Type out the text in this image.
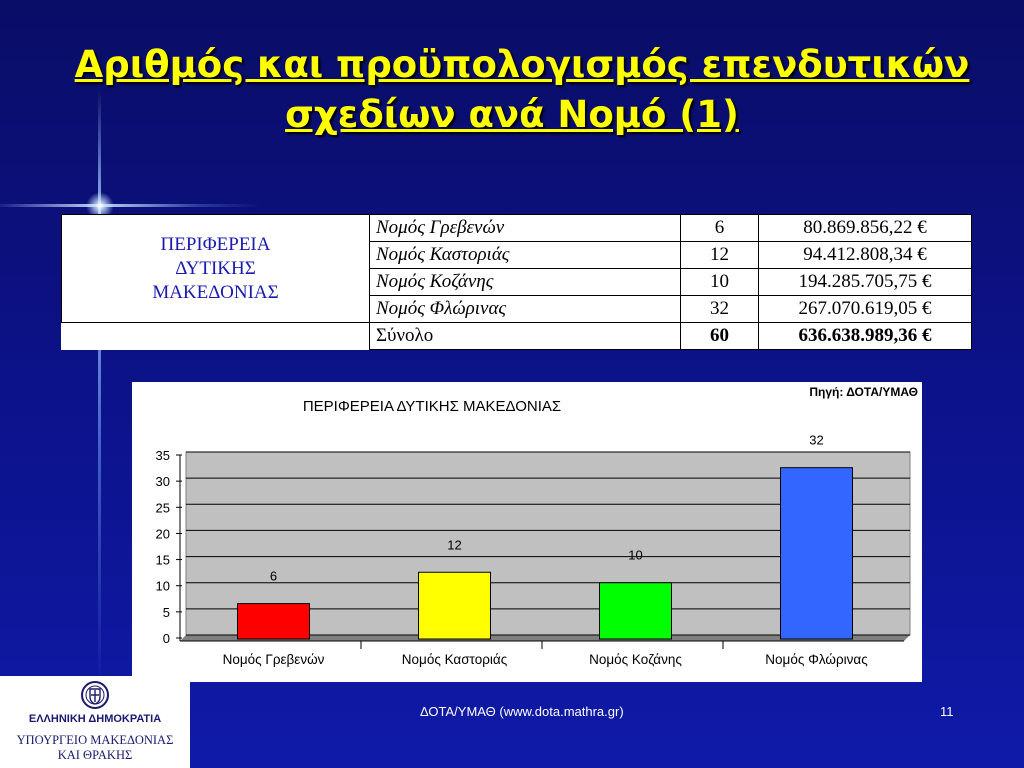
Αριθμός και προϋπολογισμός επενδυτικών
σχεδίων ανά Νομό (1)
ΠΕΡΙΦΕΡΕΙΑ
ΔΥΤΙΚΗΣ
ΜΑΚΕΔΟΝΙΑΣ	Νομός Γρεβενών	6	80.869.856,22 €
	Νομός Καστοριάς	12	94.412.808,34 €
	Νομός Κοζάνης	10	194.285.705,75 €
	Νομός Φλώρινας	32	267.070.619,05 €
	Σύνολο	60	636.638.989,36 €
Πηγή: ΔΟΤΑ/ΥΜΑΘ
ΠΕΡΙΦΕΡΕΙΑ ΔΥΤΙΚΗΣ ΜΑΚΕΔΟΝΙΑΣ
0
5
10
15
20
25
30
35
6
Νομός Γρεβενών
12
Νομός Καστοριάς
10
Νομός Κοζάνης
32
Νομός Φλώρινας
ΕΛΛΗΝΙΚΗ ΔΗΜΟΚΡΑΤΙΑ
ΥΠΟΥΡΓΕΙΟ ΜΑΚΕΔΟΝΙΑΣ
ΚΑΙ ΘΡΑΚΗΣ
ΔΟΤΑ/ΥΜΑΘ (www.dota.mathra.gr)	11
